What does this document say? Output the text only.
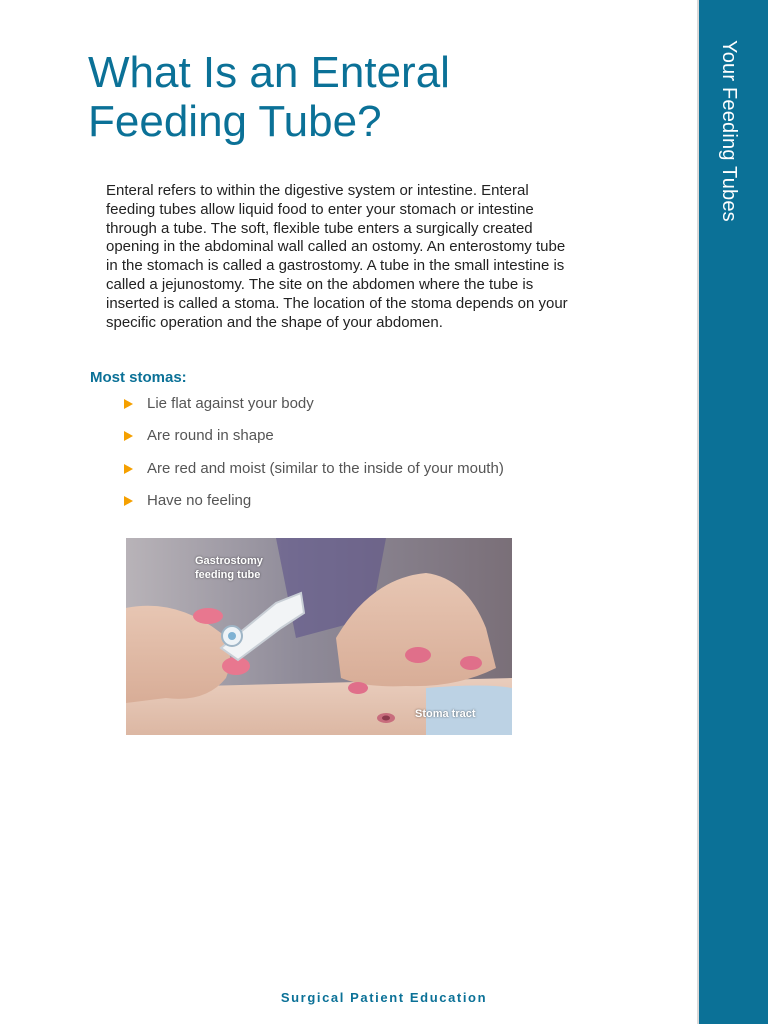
Your Feeding Tubes
What Is an Enteral
Feeding Tube?

Enteral refers to within the digestive system or intestine. Enteral feeding tubes allow liquid food to enter your stomach or intestine through a tube. The soft, flexible tube enters a surgically created opening in the abdominal wall called an ostomy. An enterostomy tube in the stomach is called a gastrostomy. A tube in the small intestine is called a jejunostomy. The site on the abdomen where the tube is inserted is called a stoma. The location of the stoma depends on your specific operation and the shape of your abdomen.

Most stomas:
Lie flat against your body
Are round in shape
Are red and moist (similar to the inside of your mouth)
Have no feeling
Gastrostomy
feeding tube
Stoma tract
Surgical Patient Education
